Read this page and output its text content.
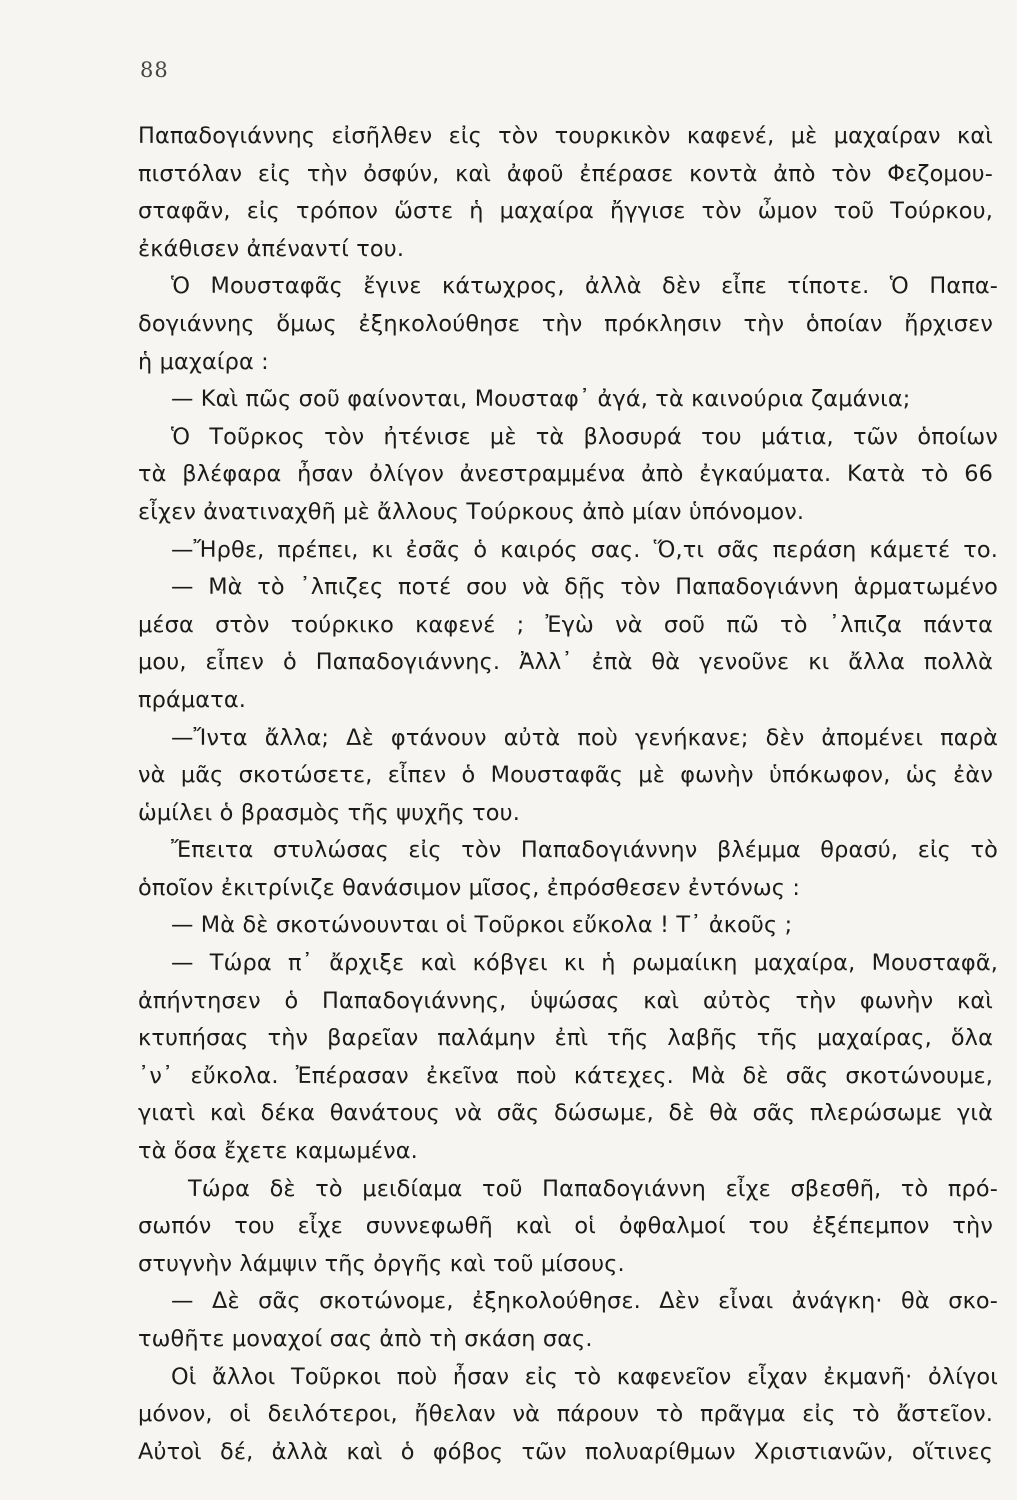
88
Παπαδογιάννης εἰσῆλθεν εἰς τὸν τουρκικὸν καφενέ, μὲ μαχαίραν καὶ
πιστόλαν εἰς τὴν ὀσφύν, καὶ ἀφοῦ ἐπέρασε κοντὰ ἀπὸ τὸν Φεζομου-
σταφᾶν, εἰς τρόπον ὥστε ἡ μαχαίρα ἤγγισε τὸν ὦμον τοῦ Τούρκου,
ἐκάθισεν ἀπέναντί του.
Ὁ Μουσταφᾶς ἔγινε κάτωχρος, ἀλλὰ δὲν εἶπε τίποτε. Ὁ Παπα-
δογιάννης ὅμως ἐξηκολούθησε τὴν πρόκλησιν τὴν ὁποίαν ἤρχισεν
ἡ μαχαίρα :
— Καὶ πῶς σοῦ φαίνονται, Μουσταφ᾽ ἀγά, τὰ καινούρια ζαμάνια;
Ὁ Τοῦρκος τὸν ἠτένισε μὲ τὰ βλοσυρά του μάτια, τῶν ὁποίων
τὰ βλέφαρα ἦσαν ὀλίγον ἀνεστραμμένα ἀπὸ ἐγκαύματα. Κατὰ τὸ 66
εἶχεν ἀνατιναχθῆ μὲ ἄλλους Τούρκους ἀπὸ μίαν ὑπόνομον.
—Ἤρθε, πρέπει, κι ἐσᾶς ὁ καιρός σας. Ὅ,τι σᾶς περάση κάμετέ το.
— Μὰ τὸ ᾽λπιζες ποτέ σου νὰ δῇς τὸν Παπαδογιάννη ἁρματωμένο
μέσα στὸν τούρκικο καφενέ ; Ἐγὼ νὰ σοῦ πῶ τὸ ᾽λπιζα πάντα
μου, εἶπεν ὁ Παπαδογιάννης. Ἀλλ᾽ ἐπὰ θὰ γενοῦνε κι ἄλλα πολλὰ
πράματα.
—Ἴντα ἄλλα; Δὲ φτάνουν αὐτὰ ποὺ γενήκανε; δὲν ἀπομένει παρὰ
νὰ μᾶς σκοτώσετε, εἶπεν ὁ Μουσταφᾶς μὲ φωνὴν ὑπόκωφον, ὡς ἐὰν
ὡμίλει ὁ βρασμὸς τῆς ψυχῆς του.
Ἔπειτα στυλώσας εἰς τὸν Παπαδογιάννην βλέμμα θρασύ, εἰς τὸ
ὁποῖον ἐκιτρίνιζε θανάσιμον μῖσος, ἐπρόσθεσεν ἐντόνως :
— Μὰ δὲ σκοτώνουνται οἱ Τοῦρκοι εὔκολα ! Τ᾽ ἀκοῦς ;
— Τώρα π᾽ ἄρχιξε καὶ κόβγει κι ἡ ρωμαίικη μαχαίρα, Μουσταφᾶ,
ἀπήντησεν ὁ Παπαδογιάννης, ὑψώσας καὶ αὐτὸς τὴν φωνὴν καὶ
κτυπήσας τὴν βαρεῖαν παλάμην ἐπὶ τῆς λαβῆς τῆς μαχαίρας, ὅλα
᾽ν᾽ εὔκολα. Ἐπέρασαν ἐκεῖνα ποὺ κάτεχες. Μὰ δὲ σᾶς σκοτώνουμε,
γιατὶ καὶ δέκα θανάτους νὰ σᾶς δώσωμε, δὲ θὰ σᾶς πλερώσωμε γιὰ
τὰ ὅσα ἔχετε καμωμένα.
Τώρα δὲ τὸ μειδίαμα τοῦ Παπαδογιάννη εἶχε σβεσθῆ, τὸ πρό-
σωπόν του εἶχε συννεφωθῆ καὶ οἱ ὀφθαλμοί του ἐξέπεμπον τὴν
στυγνὴν λάμψιν τῆς ὀργῆς καὶ τοῦ μίσους.
— Δὲ σᾶς σκοτώνομε, ἐξηκολούθησε. Δὲν εἶναι ἀνάγκη· θὰ σκο-
τωθῆτε μοναχοί σας ἀπὸ τὴ σκάση σας.
Οἱ ἄλλοι Τοῦρκοι ποὺ ἦσαν εἰς τὸ καφενεῖον εἶχαν ἐκμανῆ· ὀλίγοι
μόνον, οἱ δειλότεροι, ἤθελαν νὰ πάρουν τὸ πρᾶγμα εἰς τὸ ἄστεῖον.
Αὐτοὶ δέ, ἀλλὰ καὶ ὁ φόβος τῶν πολυαρίθμων Χριστιανῶν, οἵτινες
